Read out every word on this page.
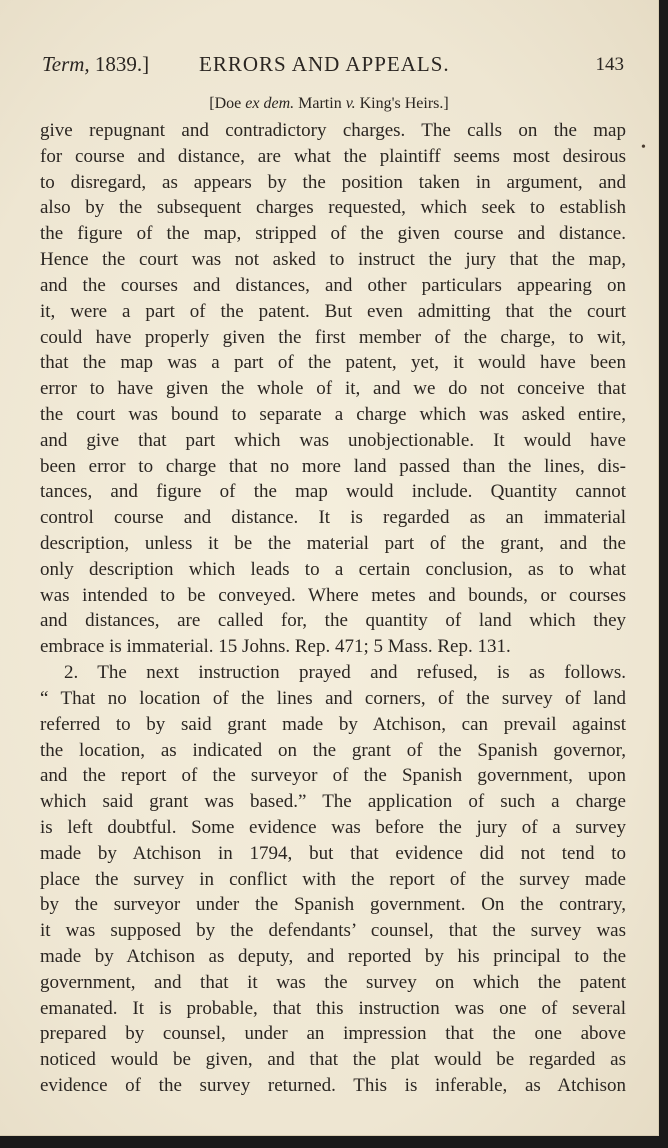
Term, 1839.] ERRORS AND APPEALS.	143
[Doe ex dem. Martin v. King's Heirs.]
•
give repugnant and contradictory charges. The calls on the map
for course and distance, are what the plaintiff seems most desirous
to disregard, as appears by the position taken in argument, and
also by the subsequent charges requested, which seek to establish
the figure of the map, stripped of the given course and distance.
Hence the court was not asked to instruct the jury that the map,
and the courses and distances, and other particulars appearing on
it, were a part of the patent. But even admitting that the court
could have properly given the first member of the charge, to wit,
that the map was a part of the patent, yet, it would have been
error to have given the whole of it, and we do not conceive that
the court was bound to separate a charge which was asked entire,
and give that part which was unobjectionable. It would have
been error to charge that no more land passed than the lines, dis-
tances, and figure of the map would include. Quantity cannot
control course and distance. It is regarded as an immaterial
description, unless it be the material part of the grant, and the
only description which leads to a certain conclusion, as to what
was intended to be conveyed. Where metes and bounds, or courses
and distances, are called for, the quantity of land which they
embrace is immaterial. 15 Johns. Rep. 471; 5 Mass. Rep. 131.
2. The next instruction prayed and refused, is as follows.
“ That no location of the lines and corners, of the survey of land
referred to by said grant made by Atchison, can prevail against
the location, as indicated on the grant of the Spanish governor,
and the report of the surveyor of the Spanish government, upon
which said grant was based.” The application of such a charge
is left doubtful. Some evidence was before the jury of a survey
made by Atchison in 1794, but that evidence did not tend to
place the survey in conflict with the report of the survey made
by the surveyor under the Spanish government. On the contrary,
it was supposed by the defendants’ counsel, that the survey was
made by Atchison as deputy, and reported by his principal to the
government, and that it was the survey on which the patent
emanated. It is probable, that this instruction was one of several
prepared by counsel, under an impression that the one above
noticed would be given, and that the plat would be regarded as
evidence of the survey returned. This is inferable, as Atchison
